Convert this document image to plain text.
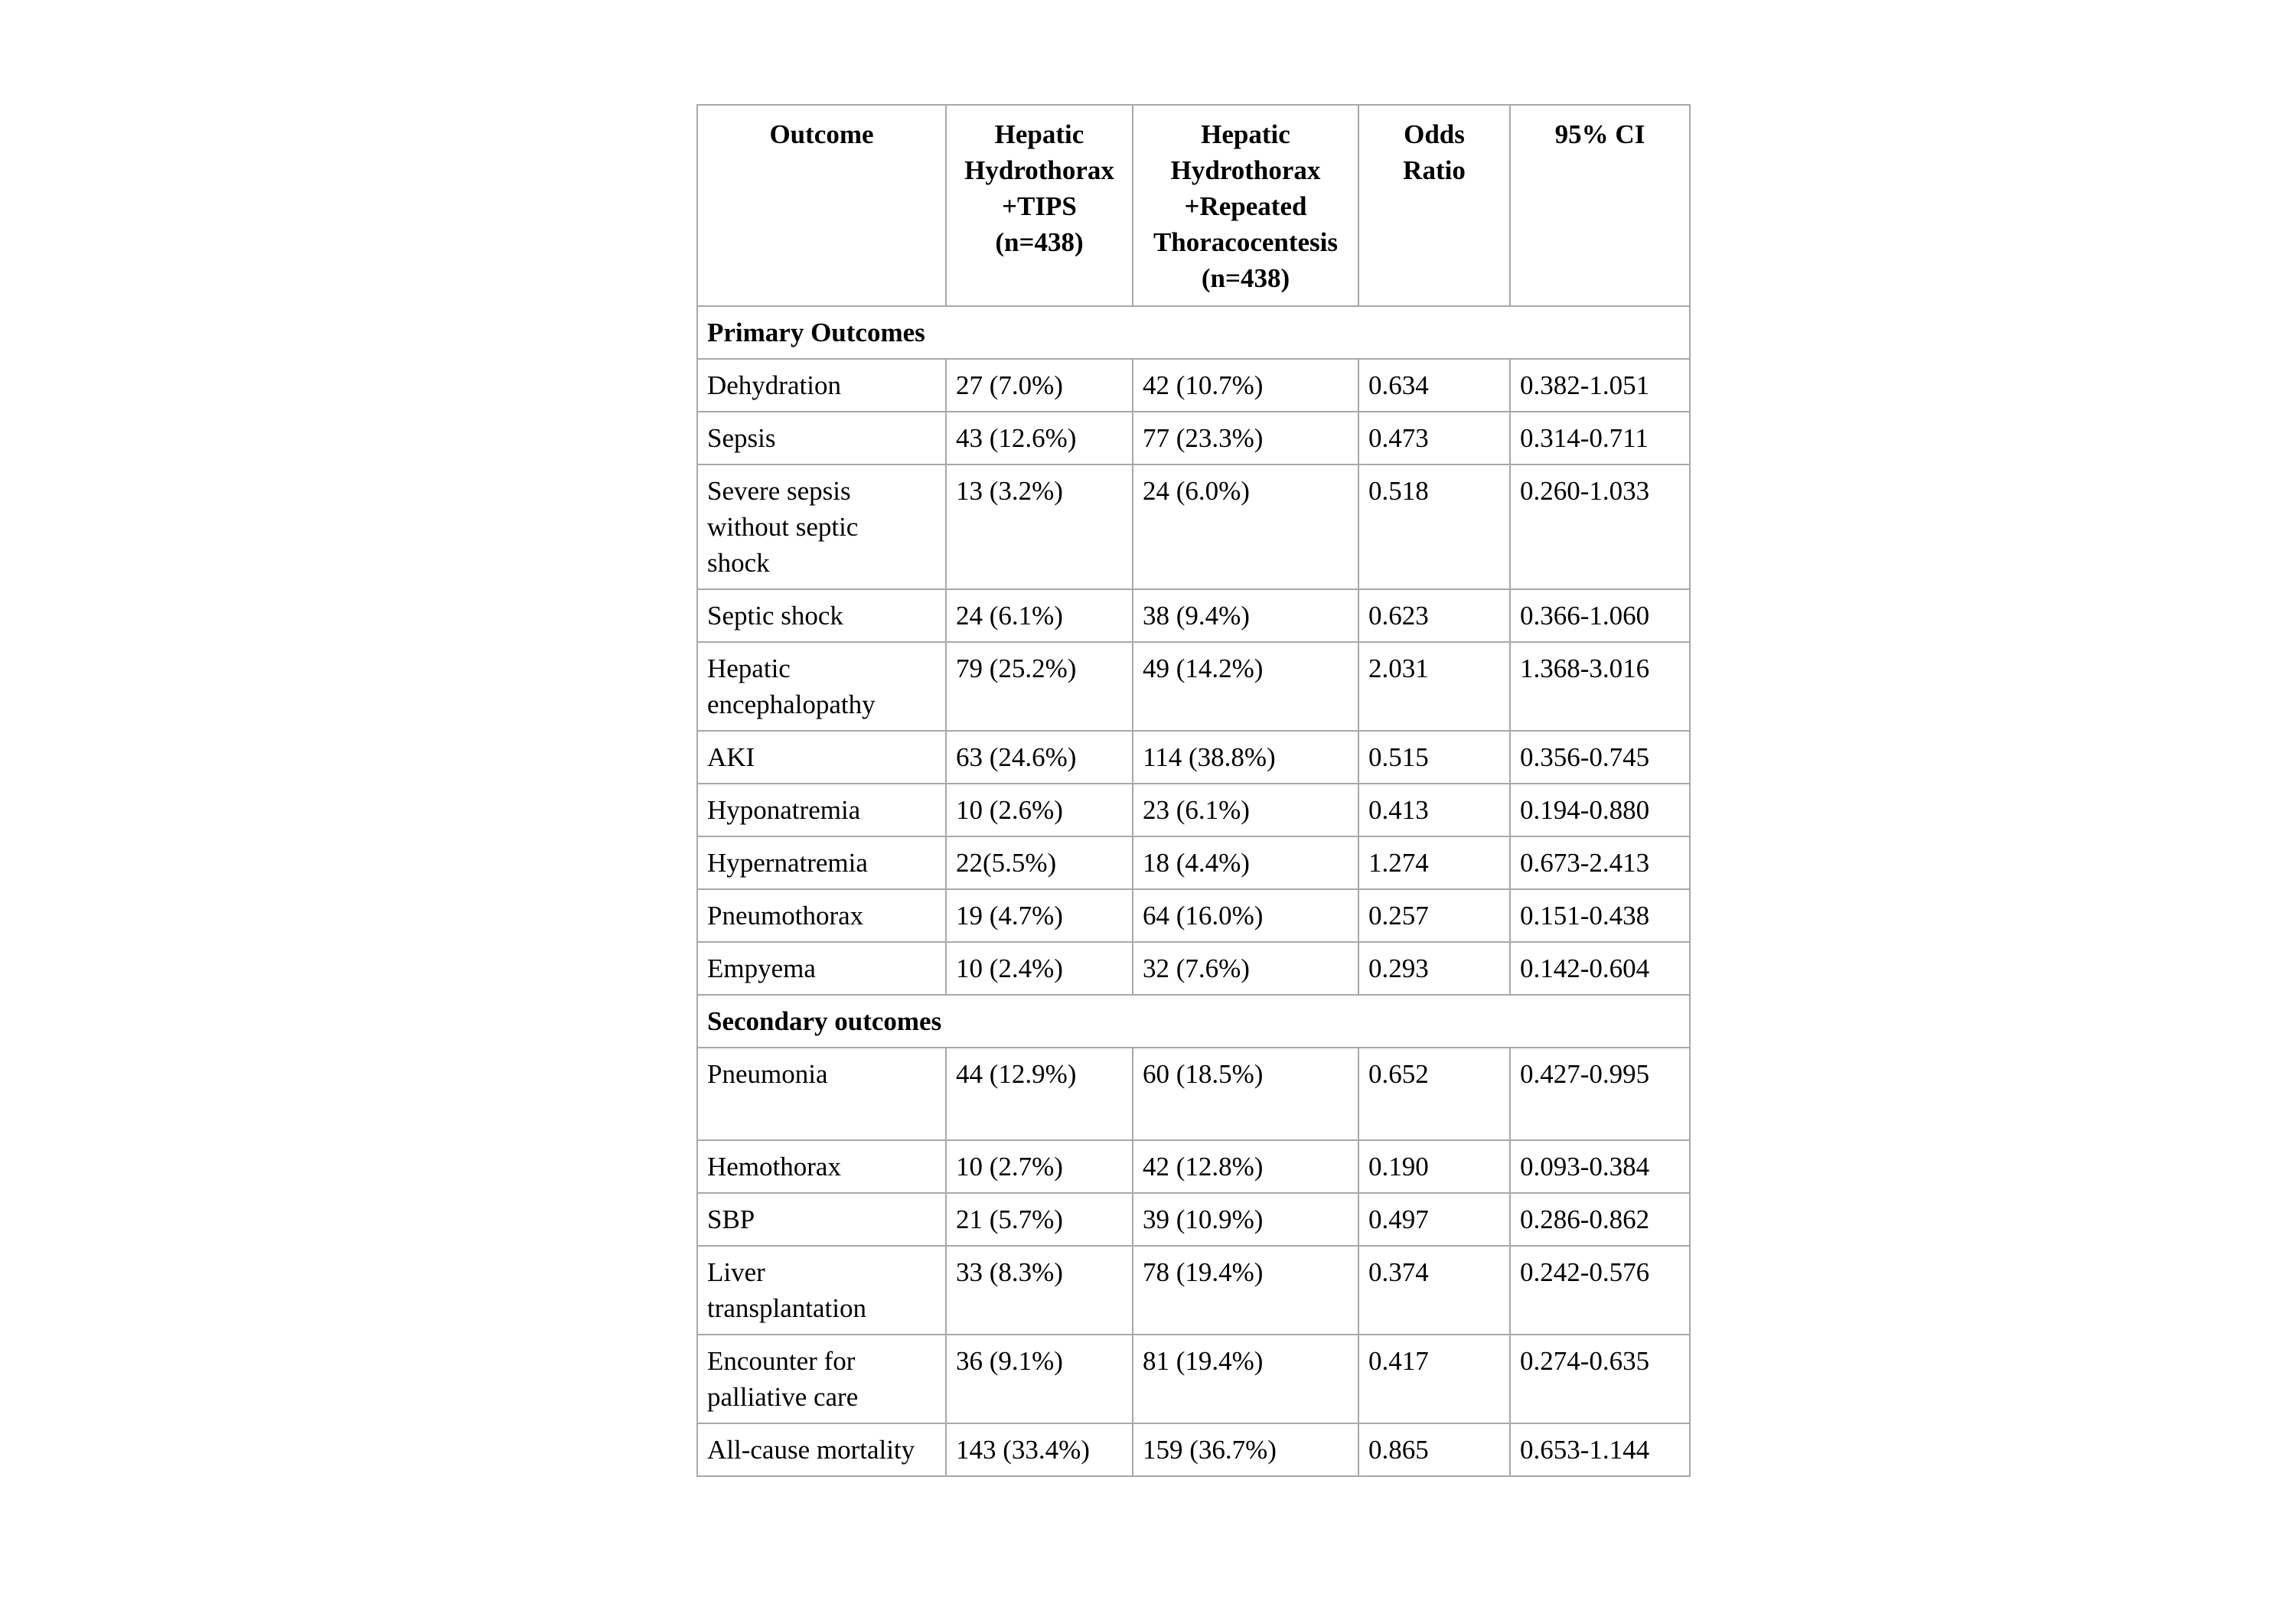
Outcome	Hepatic
Hydrothorax
+TIPS
(n=438)	Hepatic
Hydrothorax
+Repeated
Thoracocentesis
(n=438)	Odds
Ratio	95% CI
Primary Outcomes				
Dehydration	27 (7.0%)	42 (10.7%)	0.634	0.382-1.051
Sepsis	43 (12.6%)	77 (23.3%)	0.473	0.314-0.711
Severe sepsis
without septic
shock	13 (3.2%)	24 (6.0%)	0.518	0.260-1.033
Septic shock	24 (6.1%)	38 (9.4%)	0.623	0.366-1.060
Hepatic
encephalopathy	79 (25.2%)	49 (14.2%)	2.031	1.368-3.016
AKI	63 (24.6%)	114 (38.8%)	0.515	0.356-0.745
Hyponatremia	10 (2.6%)	23 (6.1%)	0.413	0.194-0.880
Hypernatremia	22(5.5%)	18 (4.4%)	1.274	0.673-2.413
Pneumothorax	19 (4.7%)	64 (16.0%)	0.257	0.151-0.438
Empyema	10 (2.4%)	32 (7.6%)	0.293	0.142-0.604
Secondary outcomes				
Pneumonia	44 (12.9%)	60 (18.5%)	0.652	0.427-0.995
Hemothorax	10 (2.7%)	42 (12.8%)	0.190	0.093-0.384
SBP	21 (5.7%)	39 (10.9%)	0.497	0.286-0.862
Liver
transplantation	33 (8.3%)	78 (19.4%)	0.374	0.242-0.576
Encounter for
palliative care	36 (9.1%)	81 (19.4%)	0.417	0.274-0.635
All-cause mortality	143 (33.4%)	159 (36.7%)	0.865	0.653-1.144
